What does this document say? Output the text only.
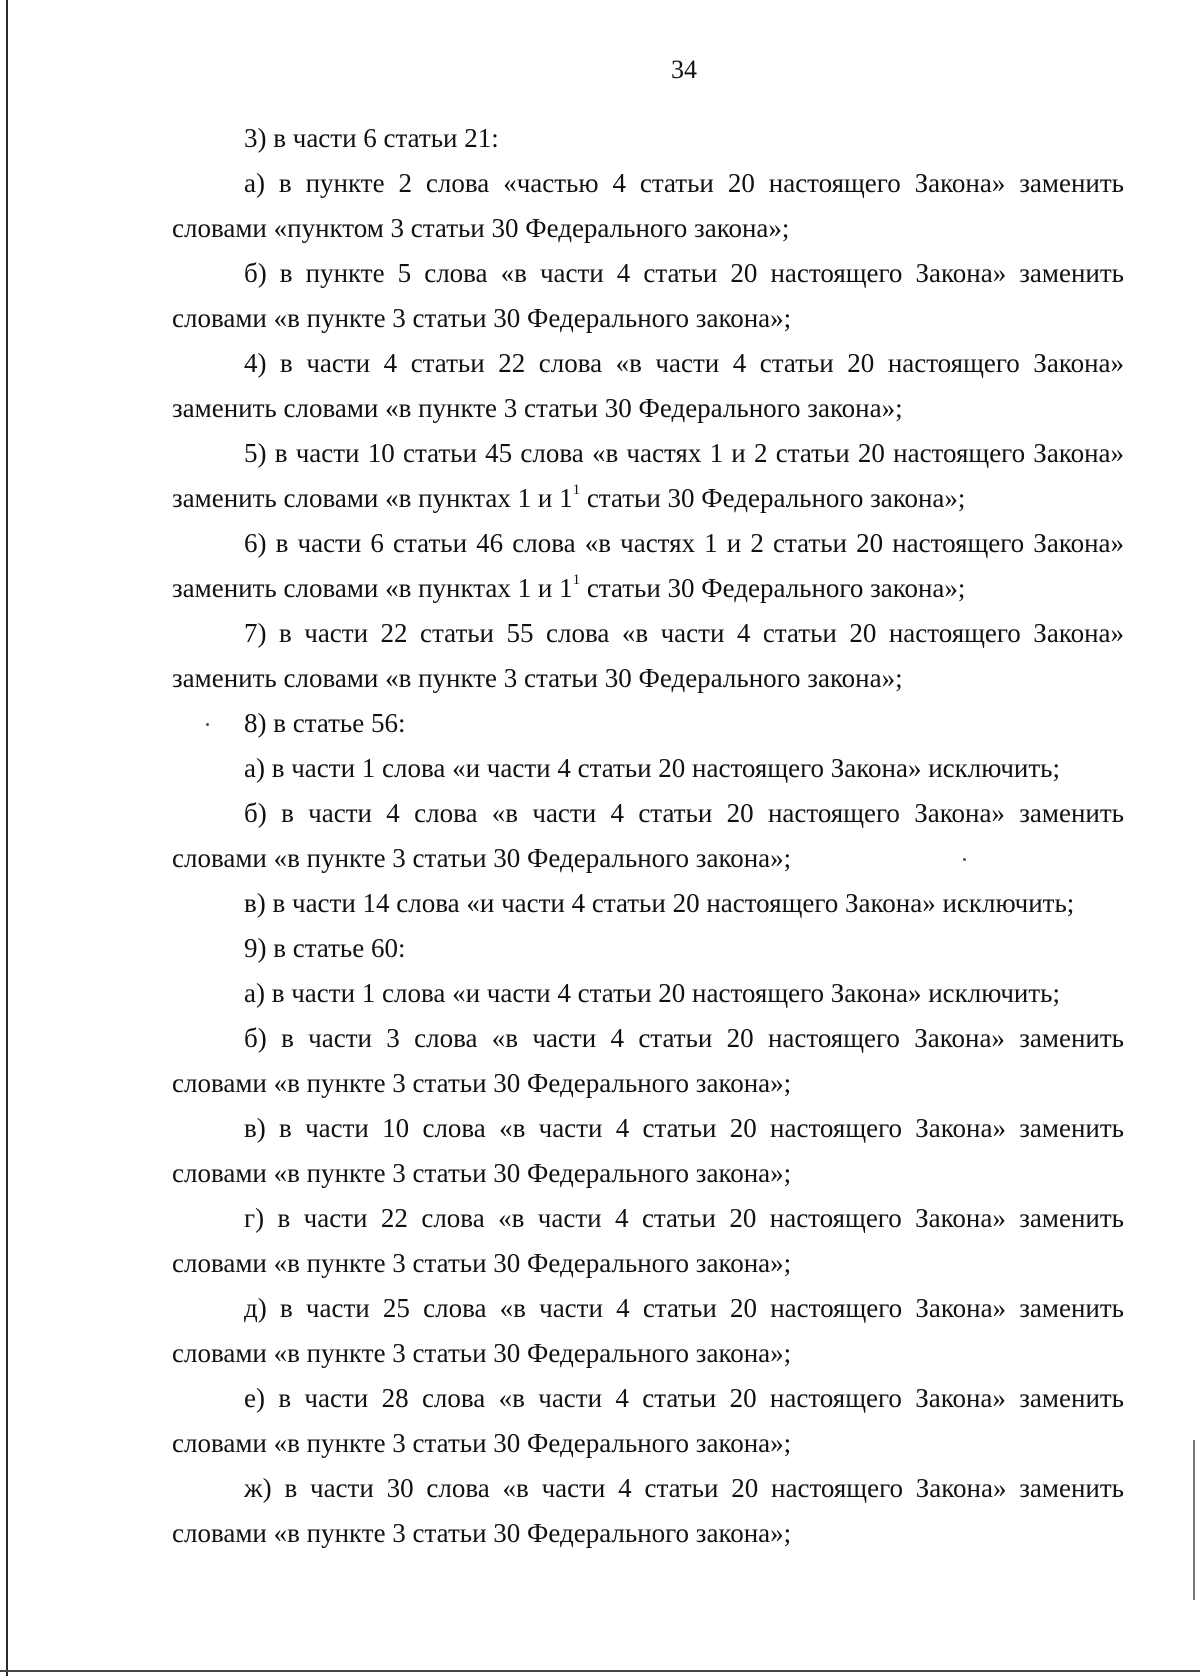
34
3) в части 6 статьи 21:
а) в пункте 2 слова «частью 4 статьи 20 настоящего Закона» заменить
словами «пунктом 3 статьи 30 Федерального закона»;
б) в пункте 5 слова «в части 4 статьи 20 настоящего Закона» заменить
словами «в пункте 3 статьи 30 Федерального закона»;
4) в части 4 статьи 22 слова «в части 4 статьи 20 настоящего Закона»
заменить словами «в пункте 3 статьи 30 Федерального закона»;
5) в части 10 статьи 45 слова «в частях 1 и 2 статьи 20 настоящего Закона»
заменить словами «в пунктах 1 и $1^1$ статьи 30 Федерального закона»;
6) в части 6 статьи 46 слова «в частях 1 и 2 статьи 20 настоящего Закона»
заменить словами «в пунктах 1 и $1^1$ статьи 30 Федерального закона»;
7) в части 22 статьи 55 слова «в части 4 статьи 20 настоящего Закона»
заменить словами «в пункте 3 статьи 30 Федерального закона»;
8) в статье 56:
а) в части 1 слова «и части 4 статьи 20 настоящего Закона» исключить;
б) в части 4 слова «в части 4 статьи 20 настоящего Закона» заменить
словами «в пункте 3 статьи 30 Федерального закона»;
в) в части 14 слова «и части 4 статьи 20 настоящего Закона» исключить;
9) в статье 60:
а) в части 1 слова «и части 4 статьи 20 настоящего Закона» исключить;
б) в части 3 слова «в части 4 статьи 20 настоящего Закона» заменить
словами «в пункте 3 статьи 30 Федерального закона»;
в) в части 10 слова «в части 4 статьи 20 настоящего Закона» заменить
словами «в пункте 3 статьи 30 Федерального закона»;
г) в части 22 слова «в части 4 статьи 20 настоящего Закона» заменить
словами «в пункте 3 статьи 30 Федерального закона»;
д) в части 25 слова «в части 4 статьи 20 настоящего Закона» заменить
словами «в пункте 3 статьи 30 Федерального закона»;
е) в части 28 слова «в части 4 статьи 20 настоящего Закона» заменить
словами «в пункте 3 статьи 30 Федерального закона»;
ж) в части 30 слова «в части 4 статьи 20 настоящего Закона» заменить
словами «в пункте 3 статьи 30 Федерального закона»;
